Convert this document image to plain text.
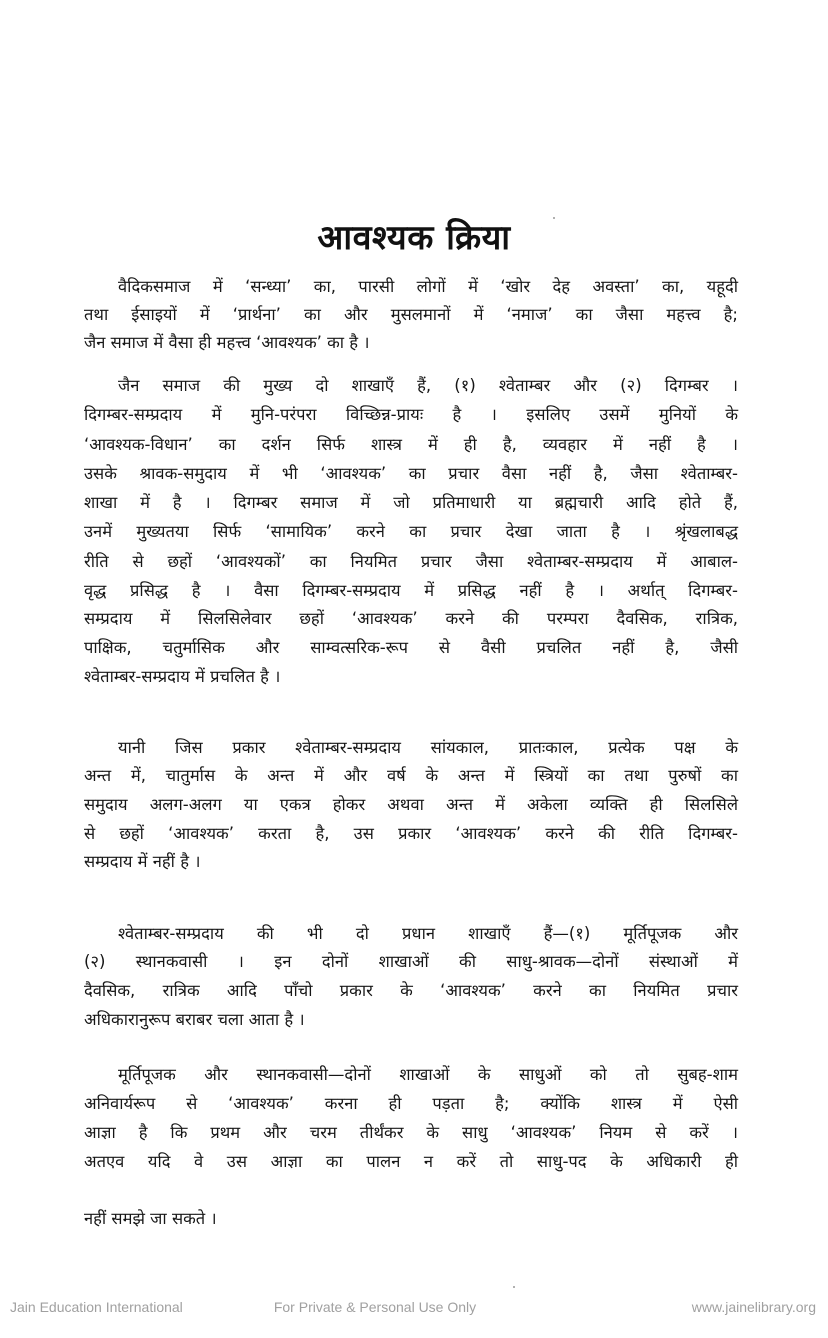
आवश्यक क्रिया
वैदिकसमाज में ‘सन्ध्या’ का, पारसी लोगों में ‘खोर देह अवस्ता’ का, यहूदी
तथा ईसाइयों में ‘प्रार्थना’ का और मुसलमानों में ‘नमाज’ का जैसा महत्त्व है;
जैन समाज में वैसा ही महत्त्व ‘आवश्यक’ का है ।
जैन समाज की मुख्य दो शाखाएँ हैं, (१) श्वेताम्बर और (२) दिगम्बर ।
दिगम्बर-सम्प्रदाय में मुनि-परंपरा विच्छिन्न-प्रायः है । इसलिए उसमें मुनियों के
‘आवश्यक-विधान’ का दर्शन सिर्फ शास्त्र में ही है, व्यवहार में नहीं है ।
उसके श्रावक-समुदाय में भी ‘आवश्यक’ का प्रचार वैसा नहीं है, जैसा श्वेताम्बर-
शाखा में है । दिगम्बर समाज में जो प्रतिमाधारी या ब्रह्मचारी आदि होते हैं,
उनमें मुख्यतया सिर्फ ‘सामायिक’ करने का प्रचार देखा जाता है । श्रृंखलाबद्ध
रीति से छहों ‘आवश्यकों’ का नियमित प्रचार जैसा श्वेताम्बर-सम्प्रदाय में आबाल-
वृद्ध प्रसिद्ध है । वैसा दिगम्बर-सम्प्रदाय में प्रसिद्ध नहीं है । अर्थात् दिगम्बर-
सम्प्रदाय में सिलसिलेवार छहों ‘आवश्यक’ करने की परम्परा दैवसिक, रात्रिक,
पाक्षिक, चतुर्मासिक और साम्वत्सरिक-रूप से वैसी प्रचलित नहीं है, जैसी
श्वेताम्बर-सम्प्रदाय में प्रचलित है ।
यानी जिस प्रकार श्वेताम्बर-सम्प्रदाय सांयकाल, प्रातःकाल, प्रत्येक पक्ष के
अन्त में, चातुर्मास के अन्त में और वर्ष के अन्त में स्त्रियों का तथा पुरुषों का
समुदाय अलग-अलग या एकत्र होकर अथवा अन्त में अकेला व्यक्ति ही सिलसिले
से छहों ‘आवश्यक’ करता है, उस प्रकार ‘आवश्यक’ करने की रीति दिगम्बर-
सम्प्रदाय में नहीं है ।
श्वेताम्बर-सम्प्रदाय की भी दो प्रधान शाखाएँ हैं—(१) मूर्तिपूजक और
(२) स्थानकवासी । इन दोनों शाखाओं की साधु-श्रावक—दोनों संस्थाओं में
दैवसिक, रात्रिक आदि पाँचो प्रकार के ‘आवश्यक’ करने का नियमित प्रचार
अधिकारानुरूप बराबर चला आता है ।
मूर्तिपूजक और स्थानकवासी—दोनों शाखाओं के साधुओं को तो सुबह-शाम
अनिवार्यरूप से ‘आवश्यक’ करना ही पड़ता है; क्योंकि शास्त्र में ऐसी
आज्ञा है कि प्रथम और चरम तीर्थंकर के साधु ‘आवश्यक’ नियम से करें ।
अतएव यदि वे उस आज्ञा का पालन न करें तो साधु-पद के अधिकारी ही
नहीं समझे जा सकते ।
Jain Education International	For Private & Personal Use Only	www.jainelibrary.org
